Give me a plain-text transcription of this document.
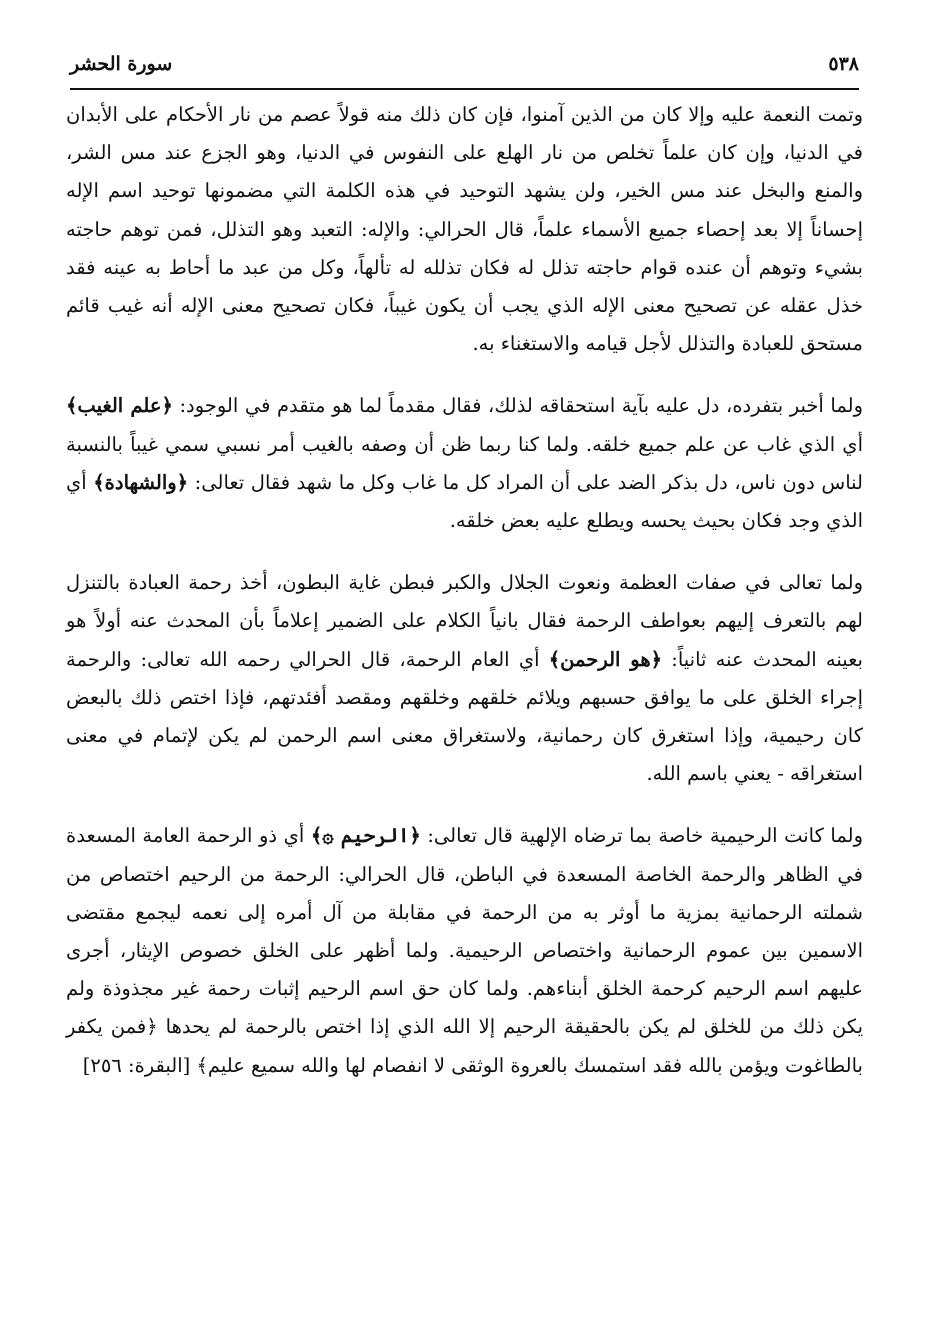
٥٣٨
سورة الحشر

وتمت النعمة عليه وإلا كان من الذين آمنوا، فإن كان ذلك منه قولاً عصم من نار الأحكام على الأبدان في الدنيا، وإن كان علماً تخلص من نار الهلع على النفوس في الدنيا، وهو الجزع عند مس الشر، والمنع والبخل عند مس الخير، ولن يشهد التوحيد في هذه الكلمة التي مضمونها توحيد اسم الإله إحساناً إلا بعد إحصاء جميع الأسماء علماً، قال الحرالي: والإله: التعبد وهو التذلل، فمن توهم حاجته بشيء وتوهم أن عنده قوام حاجته تذلل له فكان تذلله له تألهاً، وكل من عبد ما أحاط به عينه فقد خذل عقله عن تصحيح معنى الإله الذي يجب أن يكون غيباً، فكان تصحيح معنى الإله أنه غيب قائم مستحق للعبادة والتذلل لأجل قيامه والاستغناء به.

ولما أخبر بتفرده، دل عليه بآية استحقاقه لذلك، فقال مقدماً لما هو متقدم في الوجود: ﴿علم الغيب﴾ أي الذي غاب عن علم جميع خلقه. ولما كنا ربما ظن أن وصفه بالغيب أمر نسبي سمي غيباً بالنسبة لناس دون ناس، دل بذكر الضد على أن المراد كل ما غاب وكل ما شهد فقال تعالى: ﴿والشهادة﴾ أي الذي وجد فكان بحيث يحسه ويطلع عليه بعض خلقه.

ولما تعالى في صفات العظمة ونعوت الجلال والكبر فبطن غاية البطون، أخذ رحمة العبادة بالتنزل لهم بالتعرف إليهم بعواطف الرحمة فقال بانياً الكلام على الضمير إعلاماً بأن المحدث عنه أولاً هو بعينه المحدث عنه ثانياً: ﴿هو الرحمن﴾ أي العام الرحمة، قال الحرالي رحمه الله تعالى: والرحمة إجراء الخلق على ما يوافق حسبهم ويلائم خلقهم وخلقهم ومقصد أفئدتهم، فإذا اختص ذلك بالبعض كان رحيمية، وإذا استغرق كان رحمانية، ولاستغراق معنى اسم الرحمن لم يكن لإتمام في معنى استغراقه - يعني باسم الله.

ولما كانت الرحيمية خاصة بما ترضاه الإلهية قال تعالى: ﴿الرحيم ۞﴾ أي ذو الرحمة العامة المسعدة في الظاهر والرحمة الخاصة المسعدة في الباطن، قال الحرالي: الرحمة من الرحيم اختصاص من شملته الرحمانية بمزية ما أوثر به من الرحمة في مقابلة من آل أمره إلى نعمه ليجمع مقتضى الاسمين بين عموم الرحمانية واختصاص الرحيمية. ولما أظهر على الخلق خصوص الإيثار، أجرى عليهم اسم الرحيم كرحمة الخلق أبناءهم. ولما كان حق اسم الرحيم إثبات رحمة غير مجذوذة ولم يكن ذلك من للخلق لم يكن بالحقيقة الرحيم إلا الله الذي إذا اختص بالرحمة لم يحدها ﴿فمن يكفر بالطاغوت ويؤمن بالله فقد استمسك بالعروة الوثقى لا انفصام لها والله سميع عليم﴾ [البقرة: ٢٥٦]
